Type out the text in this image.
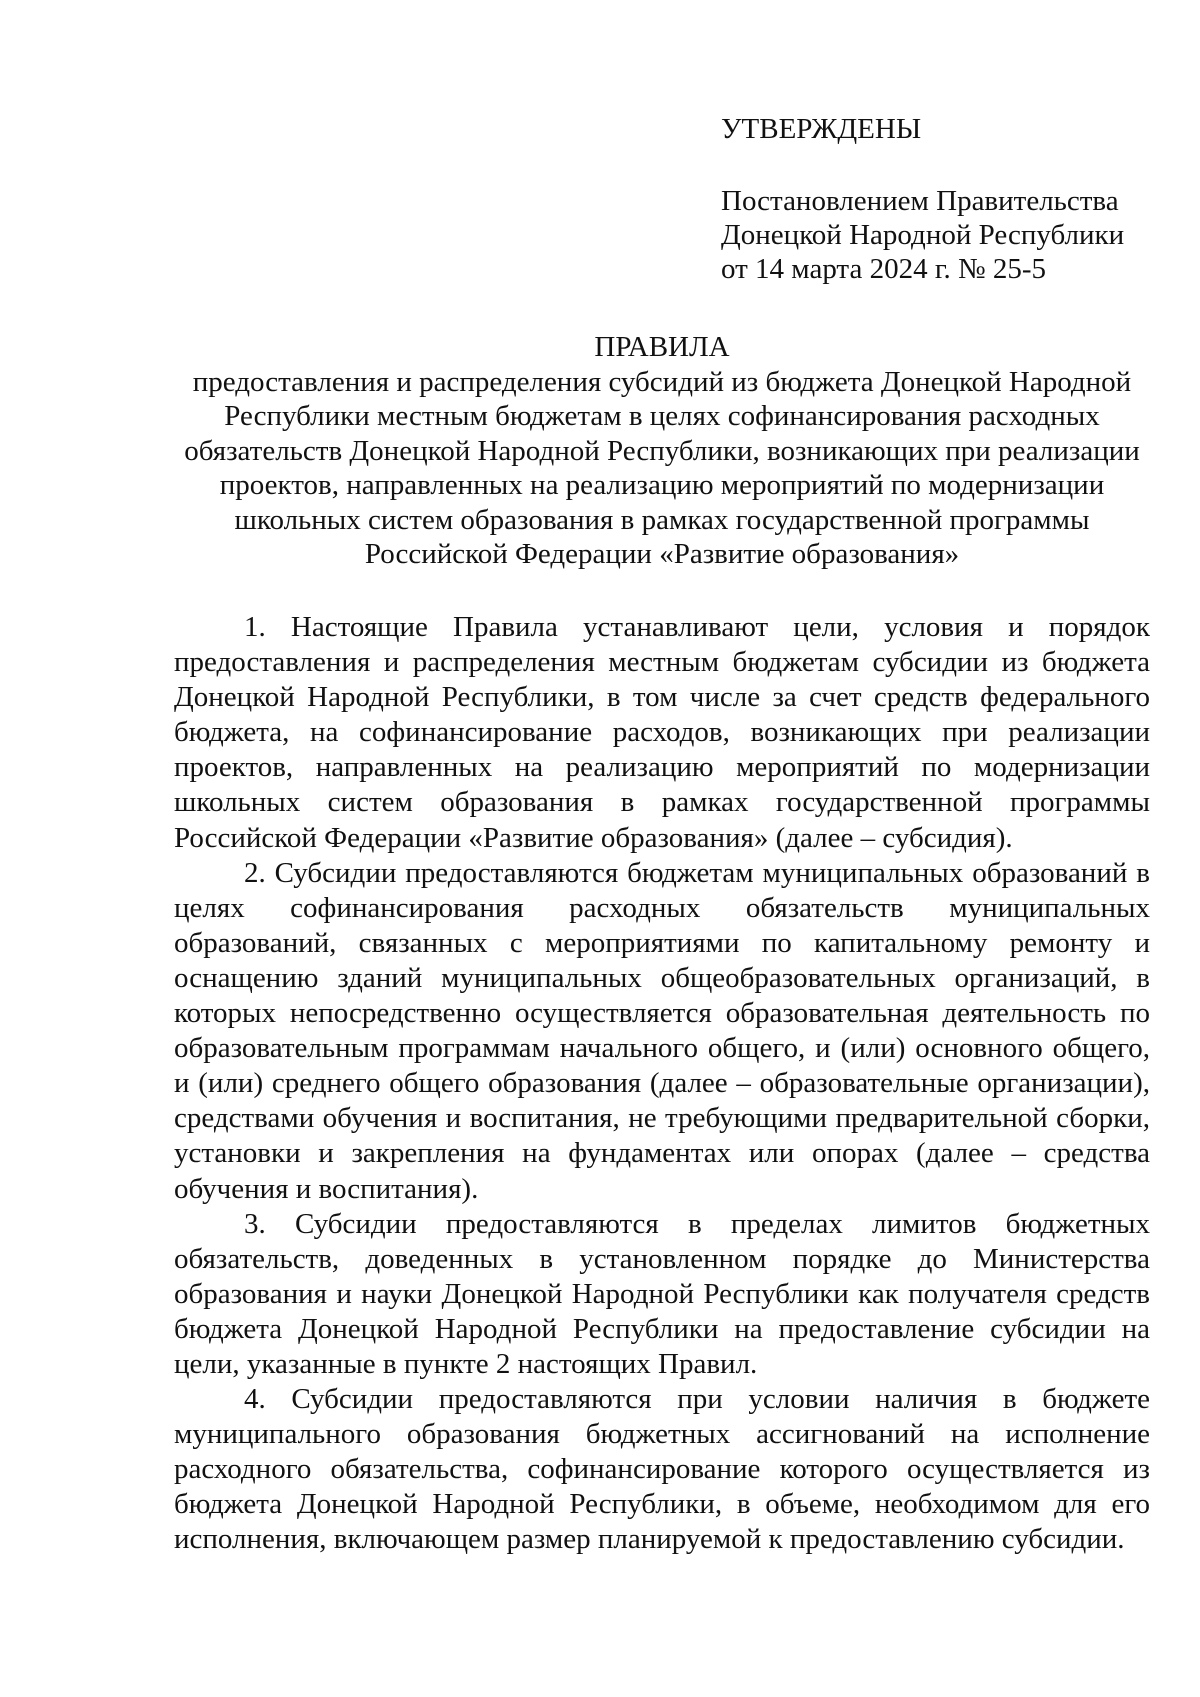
УТВЕРЖДЕНЫ
Постановлением Правительства
Донецкой Народной Республики
от 14 марта 2024 г. № 25-5
ПРАВИЛА
предоставления и распределения субсидий из бюджета Донецкой Народной
Республики местным бюджетам в целях софинансирования расходных
обязательств Донецкой Народной Республики, возникающих при реализации
проектов, направленных на реализацию мероприятий по модернизации
школьных систем образования в рамках государственной программы
Российской Федерации «Развитие образования»

1. Настоящие Правила устанавливают цели, условия и порядок предоставления и распределения местным бюджетам субсидии из бюджета Донецкой Народной Республики, в том числе за счет средств федерального бюджета, на софинансирование расходов, возникающих при реализации проектов, направленных на реализацию мероприятий по модернизации школьных систем образования в рамках государственной программы Российской Федерации «Развитие образования» (далее – субсидия).

2. Субсидии предоставляются бюджетам муниципальных образований в целях софинансирования расходных обязательств муниципальных образований, связанных с мероприятиями по капитальному ремонту и оснащению зданий муниципальных общеобразовательных организаций, в которых непосредственно осуществляется образовательная деятельность по образовательным программам начального общего, и (или) основного общего, и (или) среднего общего образования (далее – образовательные организации), средствами обучения и воспитания, не требующими предварительной сборки, установки и закрепления на фундаментах или опорах (далее – средства обучения и воспитания).

3. Субсидии предоставляются в пределах лимитов бюджетных обязательств, доведенных в установленном порядке до Министерства образования и науки Донецкой Народной Республики как получателя средств бюджета Донецкой Народной Республики на предоставление субсидии на цели, указанные в пункте 2 настоящих Правил.

4. Субсидии предоставляются при условии наличия в бюджете муниципального образования бюджетных ассигнований на исполнение расходного обязательства, софинансирование которого осуществляется из бюджета Донецкой Народной Республики, в объеме, необходимом для его исполнения, включающем размер планируемой к предоставлению субсидии.
